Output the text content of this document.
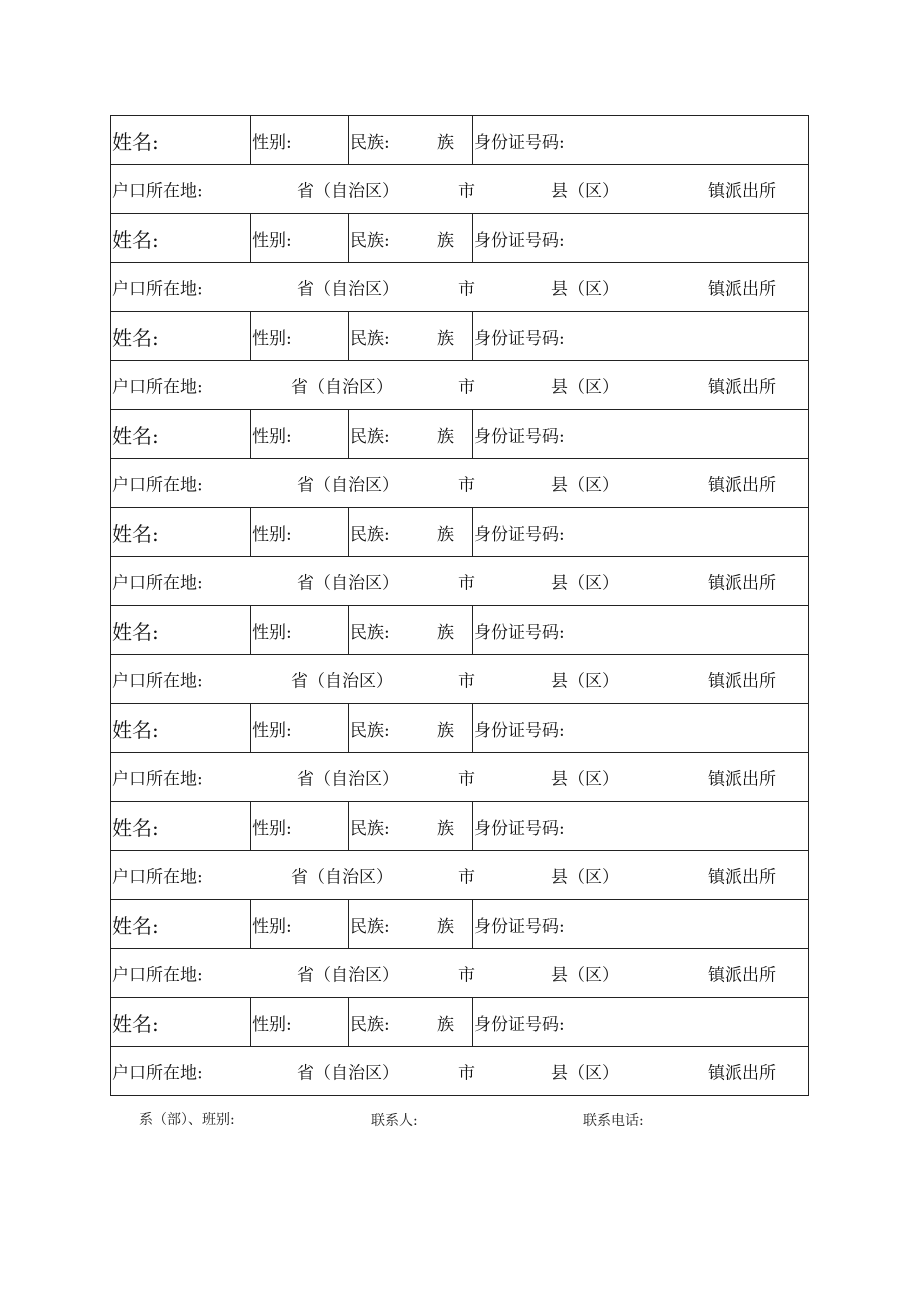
姓名:	性别:	民族: 族	身份证号码:

户口所在地: 省（自治区） 市 县（区） 镇派出所			

姓名:	性别:	民族: 族	身份证号码:

户口所在地: 省（自治区） 市 县（区） 镇派出所			

姓名:	性别:	民族: 族	身份证号码:

户口所在地: 省（自治区） 市 县（区） 镇派出所			

姓名:	性别:	民族: 族	身份证号码:

户口所在地: 省（自治区） 市 县（区） 镇派出所			

姓名:	性别:	民族: 族	身份证号码:

户口所在地: 省（自治区） 市 县（区） 镇派出所			

姓名:	性别:	民族: 族	身份证号码:

户口所在地: 省（自治区） 市 县（区） 镇派出所			

姓名:	性别:	民族: 族	身份证号码:

户口所在地: 省（自治区） 市 县（区） 镇派出所			

姓名:	性别:	民族: 族	身份证号码:

户口所在地: 省（自治区） 市 县（区） 镇派出所			

姓名:	性别:	民族: 族	身份证号码:

户口所在地: 省（自治区） 市 县（区） 镇派出所			

姓名:	性别:	民族: 族	身份证号码:

户口所在地: 省（自治区） 市 县（区） 镇派出所			
系（部）、班别:	联系人:	联系电话:
